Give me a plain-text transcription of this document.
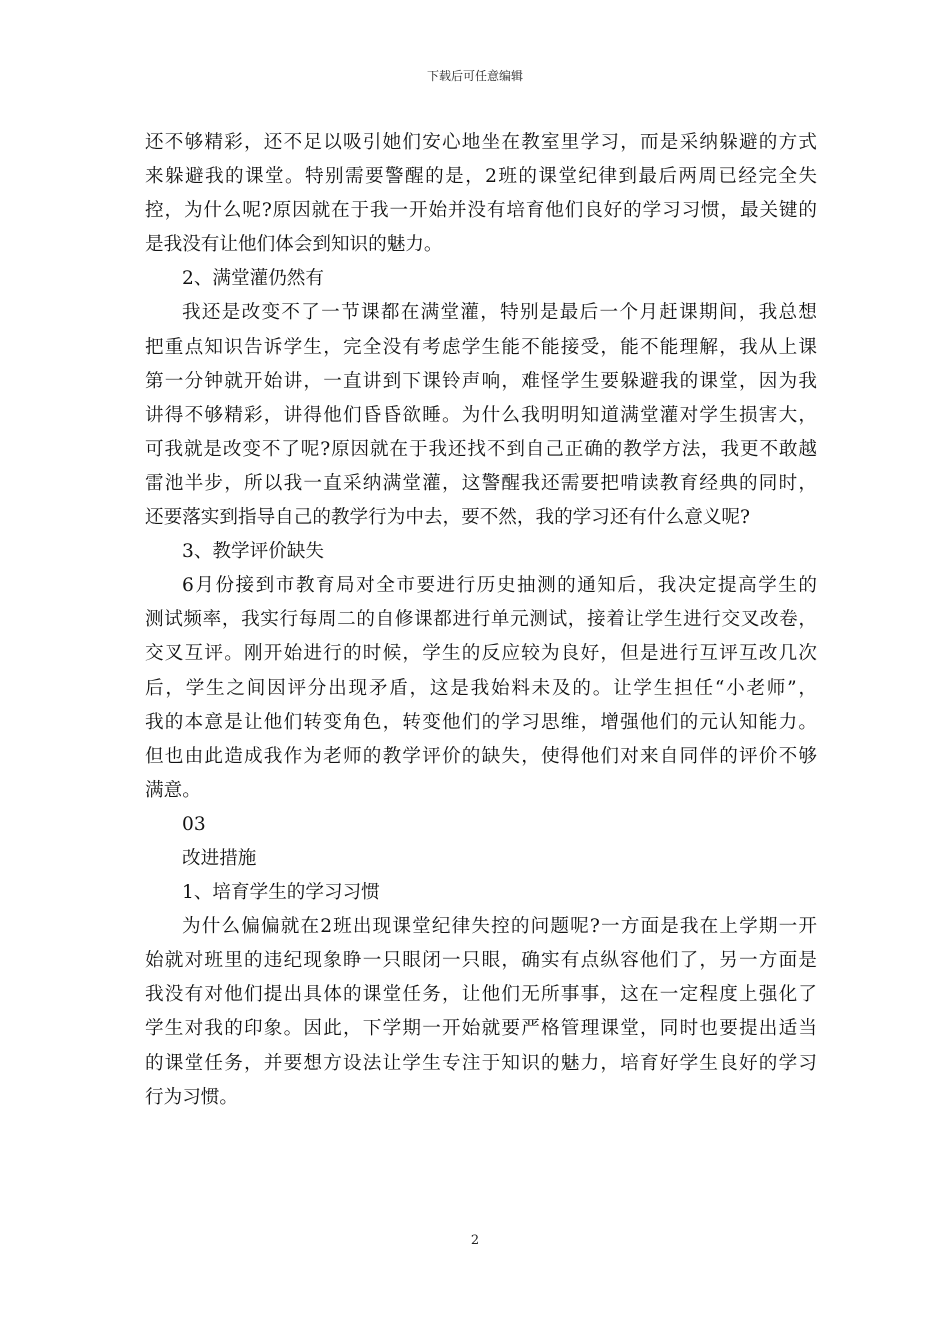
下载后可任意编辑
还不够精彩，还不足以吸引她们安心地坐在教室里学习，而是采纳躲避的方式
来躲避我的课堂。特别需要警醒的是，2班的课堂纪律到最后两周已经完全失
控，为什么呢?原因就在于我一开始并没有培育他们良好的学习习惯，最关键的
是我没有让他们体会到知识的魅力。
2、满堂灌仍然有
我还是改变不了一节课都在满堂灌，特别是最后一个月赶课期间，我总想
把重点知识告诉学生，完全没有考虑学生能不能接受，能不能理解，我从上课
第一分钟就开始讲，一直讲到下课铃声响，难怪学生要躲避我的课堂，因为我
讲得不够精彩，讲得他们昏昏欲睡。为什么我明明知道满堂灌对学生损害大，
可我就是改变不了呢?原因就在于我还找不到自己正确的教学方法，我更不敢越
雷池半步，所以我一直采纳满堂灌，这警醒我还需要把啃读教育经典的同时，
还要落实到指导自己的教学行为中去，要不然，我的学习还有什么意义呢?
3、教学评价缺失
6月份接到市教育局对全市要进行历史抽测的通知后，我决定提高学生的
测试频率，我实行每周二的自修课都进行单元测试，接着让学生进行交叉改卷，
交叉互评。刚开始进行的时候，学生的反应较为良好，但是进行互评互改几次
后，学生之间因评分出现矛盾，这是我始料未及的。让学生担任“小老师”，
我的本意是让他们转变角色，转变他们的学习思维，增强他们的元认知能力。
但也由此造成我作为老师的教学评价的缺失，使得他们对来自同伴的评价不够
满意。
03
改进措施
1、培育学生的学习习惯
为什么偏偏就在2班出现课堂纪律失控的问题呢?一方面是我在上学期一开
始就对班里的违纪现象睁一只眼闭一只眼，确实有点纵容他们了，另一方面是
我没有对他们提出具体的课堂任务，让他们无所事事，这在一定程度上强化了
学生对我的印象。因此，下学期一开始就要严格管理课堂，同时也要提出适当
的课堂任务，并要想方设法让学生专注于知识的魅力，培育好学生良好的学习
行为习惯。
2
